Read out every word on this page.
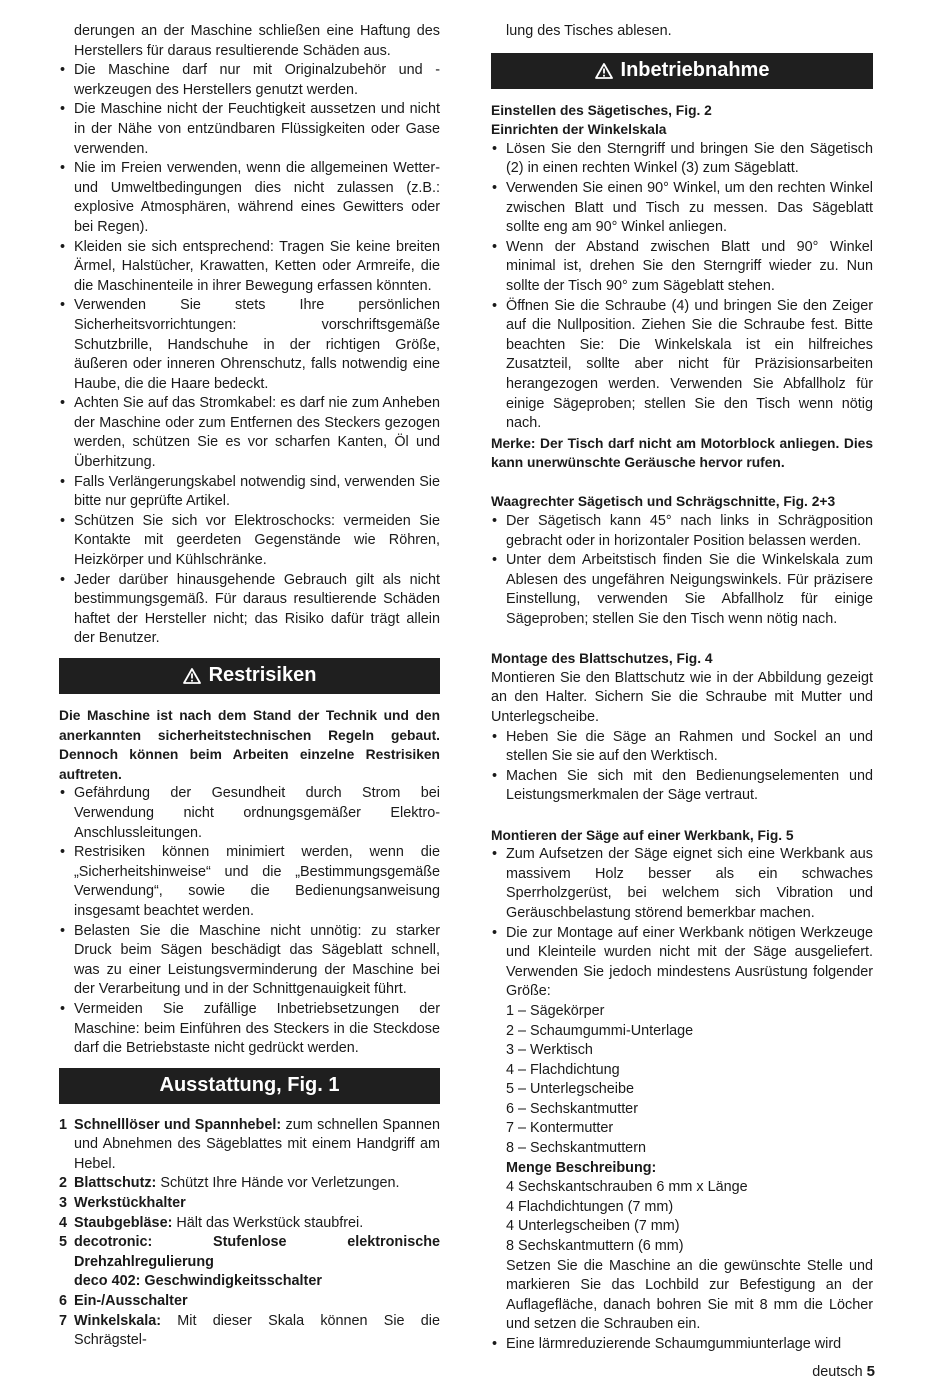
derungen an der Maschine schließen eine Haftung des Herstellers für daraus resultierende Schäden aus.

• Die Maschine darf nur mit Originalzubehör und -werkzeugen des Herstellers genutzt werden.

• Die Maschine nicht der Feuchtigkeit aussetzen und nicht in der Nähe von entzündbaren Flüssigkeiten oder Gase verwenden.

• Nie im Freien verwenden, wenn die allgemeinen Wetter- und Umweltbedingungen dies nicht zulassen (z.B.: explosive Atmosphären, während eines Gewitters oder bei Regen).

• Kleiden sie sich entsprechend: Tragen Sie keine breiten Ärmel, Halstücher, Krawatten, Ketten oder Armreife, die die Maschinenteile in ihrer Bewegung erfassen könnten.

• Verwenden Sie stets Ihre persönlichen Sicherheitsvorrichtungen: vorschriftsgemäße Schutzbrille, Handschuhe in der richtigen Größe, äußeren oder inneren Ohrenschutz, falls notwendig eine Haube, die die Haare bedeckt.

• Achten Sie auf das Stromkabel: es darf nie zum Anheben der Maschine oder zum Entfernen des Steckers gezogen werden, schützen Sie es vor scharfen Kanten, Öl und Überhitzung.

• Falls Verlängerungskabel notwendig sind, verwenden Sie bitte nur geprüfte Artikel.

• Schützen Sie sich vor Elektroschocks: vermeiden Sie Kontakte mit geerdeten Gegenstände wie Röhren, Heizkörper und Kühlschränke.

• Jeder darüber hinausgehende Gebrauch gilt als nicht bestimmungsgemäß. Für daraus resultierende Schäden haftet der Hersteller nicht; das Risiko dafür trägt allein der Benutzer.

Restrisiken

Die Maschine ist nach dem Stand der Technik und den anerkannten sicherheitstechnischen Regeln gebaut. Dennoch können beim Arbeiten einzelne Restrisiken auftreten.

• Gefährdung der Gesundheit durch Strom bei Verwendung nicht ordnungsgemäßer Elektro-Anschlussleitungen.

• Restrisiken können minimiert werden, wenn die „Sicherheitshinweise“ und die „Bestimmungsgemäße Verwendung“, sowie die Bedienungsanweisung insgesamt beachtet werden.

• Belasten Sie die Maschine nicht unnötig: zu starker Druck beim Sägen beschädigt das Sägeblatt schnell, was zu einer Leistungsverminderung der Maschine bei der Verarbeitung und in der Schnittgenauigkeit führt.

• Vermeiden Sie zufällige Inbetriebsetzungen der Maschine: beim Einführen des Steckers in die Steckdose darf die Betriebstaste nicht gedrückt werden.

Ausstattung, Fig. 1

1 Schnelllöser und Spannhebel: zum schnellen Spannen und Abnehmen des Sägeblattes mit einem Handgriff am Hebel.

2 Blattschutz: Schützt Ihre Hände vor Verletzungen.

3 Werkstückhalter

4 Staubgebläse: Hält das Werkstück staubfrei.

5 decotronic: Stufenlose elektronische Drehzahlregulierung

deco 402: Geschwindigkeitsschalter

6 Ein-/Ausschalter

7 Winkelskala: Mit dieser Skala können Sie die Schrägstel-

lung des Tisches ablesen.

Inbetriebnahme

Einstellen des Sägetisches, Fig. 2

Einrichten der Winkelskala

• Lösen Sie den Sterngriff und bringen Sie den Sägetisch (2) in einen rechten Winkel (3) zum Sägeblatt.

• Verwenden Sie einen 90° Winkel, um den rechten Winkel zwischen Blatt und Tisch zu messen. Das Sägeblatt sollte eng am 90° Winkel anliegen.

• Wenn der Abstand zwischen Blatt und 90° Winkel minimal ist, drehen Sie den Sterngriff wieder zu. Nun sollte der Tisch 90° zum Sägeblatt stehen.

• Öffnen Sie die Schraube (4) und bringen Sie den Zeiger auf die Nullposition. Ziehen Sie die Schraube fest. Bitte beachten Sie: Die Winkelskala ist ein hilfreiches Zusatzteil, sollte aber nicht für Präzisionsarbeiten herangezogen werden. Verwenden Sie Abfallholz für einige Sägeproben; stellen Sie den Tisch wenn nötig nach.

Merke: Der Tisch darf nicht am Motorblock anliegen. Dies kann unerwünschte Geräusche hervor rufen.

Waagrechter Sägetisch und Schrägschnitte, Fig. 2+3

• Der Sägetisch kann 45° nach links in Schrägposition gebracht oder in horizontaler Position belassen werden.

• Unter dem Arbeitstisch finden Sie die Winkelskala zum Ablesen des ungefähren Neigungswinkels. Für präzisere Einstellung, verwenden Sie Abfallholz für einige Sägeproben; stellen Sie den Tisch wenn nötig nach.

Montage des Blattschutzes, Fig. 4

Montieren Sie den Blattschutz wie in der Abbildung gezeigt an den Halter. Sichern Sie die Schraube mit Mutter und Unterlegscheibe.

• Heben Sie die Säge an Rahmen und Sockel an und stellen Sie sie auf den Werktisch.

• Machen Sie sich mit den Bedienungselementen und Leistungsmerkmalen der Säge vertraut.

Montieren der Säge auf einer Werkbank, Fig. 5

• Zum Aufsetzen der Säge eignet sich eine Werkbank aus massivem Holz besser als ein schwaches Sperrholzgerüst, bei welchem sich Vibration und Geräuschbelastung störend bemerkbar machen.

• Die zur Montage auf einer Werkbank nötigen Werkzeuge und Kleinteile wurden nicht mit der Säge ausgeliefert. Verwenden Sie jedoch mindestens Ausrüstung folgender Größe:

1 – Sägekörper

2 – Schaumgummi-Unterlage

3 – Werktisch

4 – Flachdichtung

5 – Unterlegscheibe

6 – Sechskantmutter

7 – Kontermutter

8 – Sechskantmuttern

Menge Beschreibung:

4 Sechskantschrauben 6 mm x Länge

4 Flachdichtungen (7 mm)

4 Unterlegscheiben (7 mm)

8 Sechskantmuttern (6 mm)

Setzen Sie die Maschine an die gewünschte Stelle und markieren Sie das Lochbild zur Befestigung an der Auflagefläche, danach bohren Sie mit 8 mm die Löcher und setzen die Schrauben ein.

• Eine lärmreduzierende Schaumgummiunterlage wird

deutsch 5
